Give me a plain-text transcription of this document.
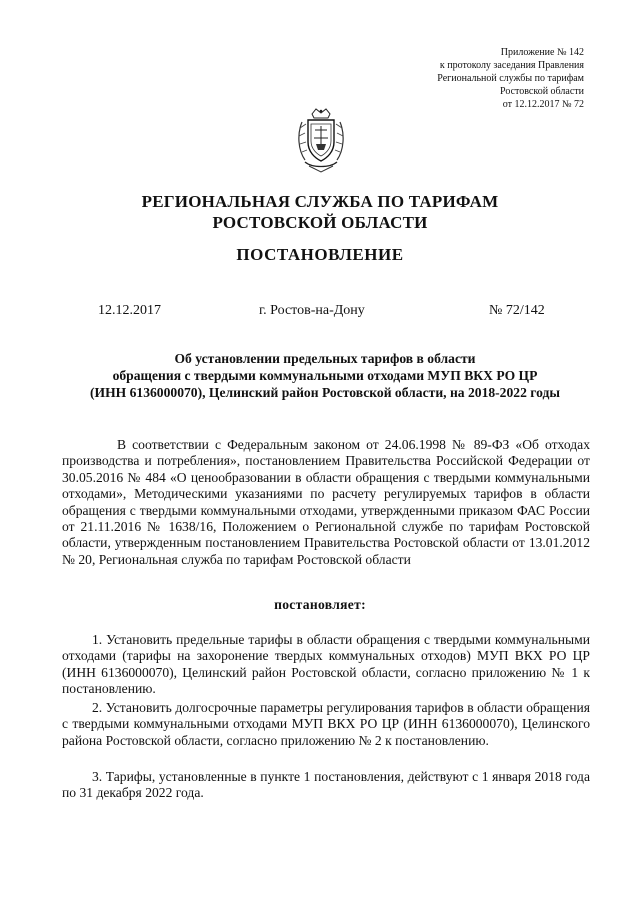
Приложение № 142
к протоколу заседания Правления
Региональной службы по тарифам
Ростовской области
от 12.12.2017 № 72
РЕГИОНАЛЬНАЯ СЛУЖБА ПО ТАРИФАМ
РОСТОВСКОЙ ОБЛАСТИ
ПОСТАНОВЛЕНИЕ
12.12.2017	г. Ростов-на-Дону	№ 72/142
Об установлении предельных тарифов в области
обращения с твердыми коммунальными отходами МУП ВКХ РО ЦР
(ИНН 6136000070), Целинский район Ростовской области, на 2018-2022 годы

В соответствии с Федеральным законом от 24.06.1998 № 89-ФЗ «Об отходах производства и потребления», постановлением Правительства Российской Федерации от 30.05.2016 № 484 «О ценообразовании в области обращения с твердыми коммунальными отходами», Методическими указаниями по расчету регулируемых тарифов в области обращения с твердыми коммунальными отходами, утвержденными приказом ФАС России от 21.11.2016 № 1638/16, Положением о Региональной службе по тарифам Ростовской области, утвержденным постановлением Правительства Ростовской области от 13.01.2012 № 20, Региональная служба по тарифам Ростовской области

постановляет:

1. Установить предельные тарифы в области обращения с твердыми коммунальными отходами (тарифы на захоронение твердых коммунальных отходов) МУП ВКХ РО ЦР (ИНН 6136000070), Целинский район Ростовской области, согласно приложению № 1 к постановлению.

2. Установить долгосрочные параметры регулирования тарифов в области обращения с твердыми коммунальными отходами МУП ВКХ РО ЦР (ИНН 6136000070), Целинского района Ростовской области, согласно приложению № 2 к постановлению.

3. Тарифы, установленные в пункте 1 постановления, действуют с 1 января 2018 года по 31 декабря 2022 года.
